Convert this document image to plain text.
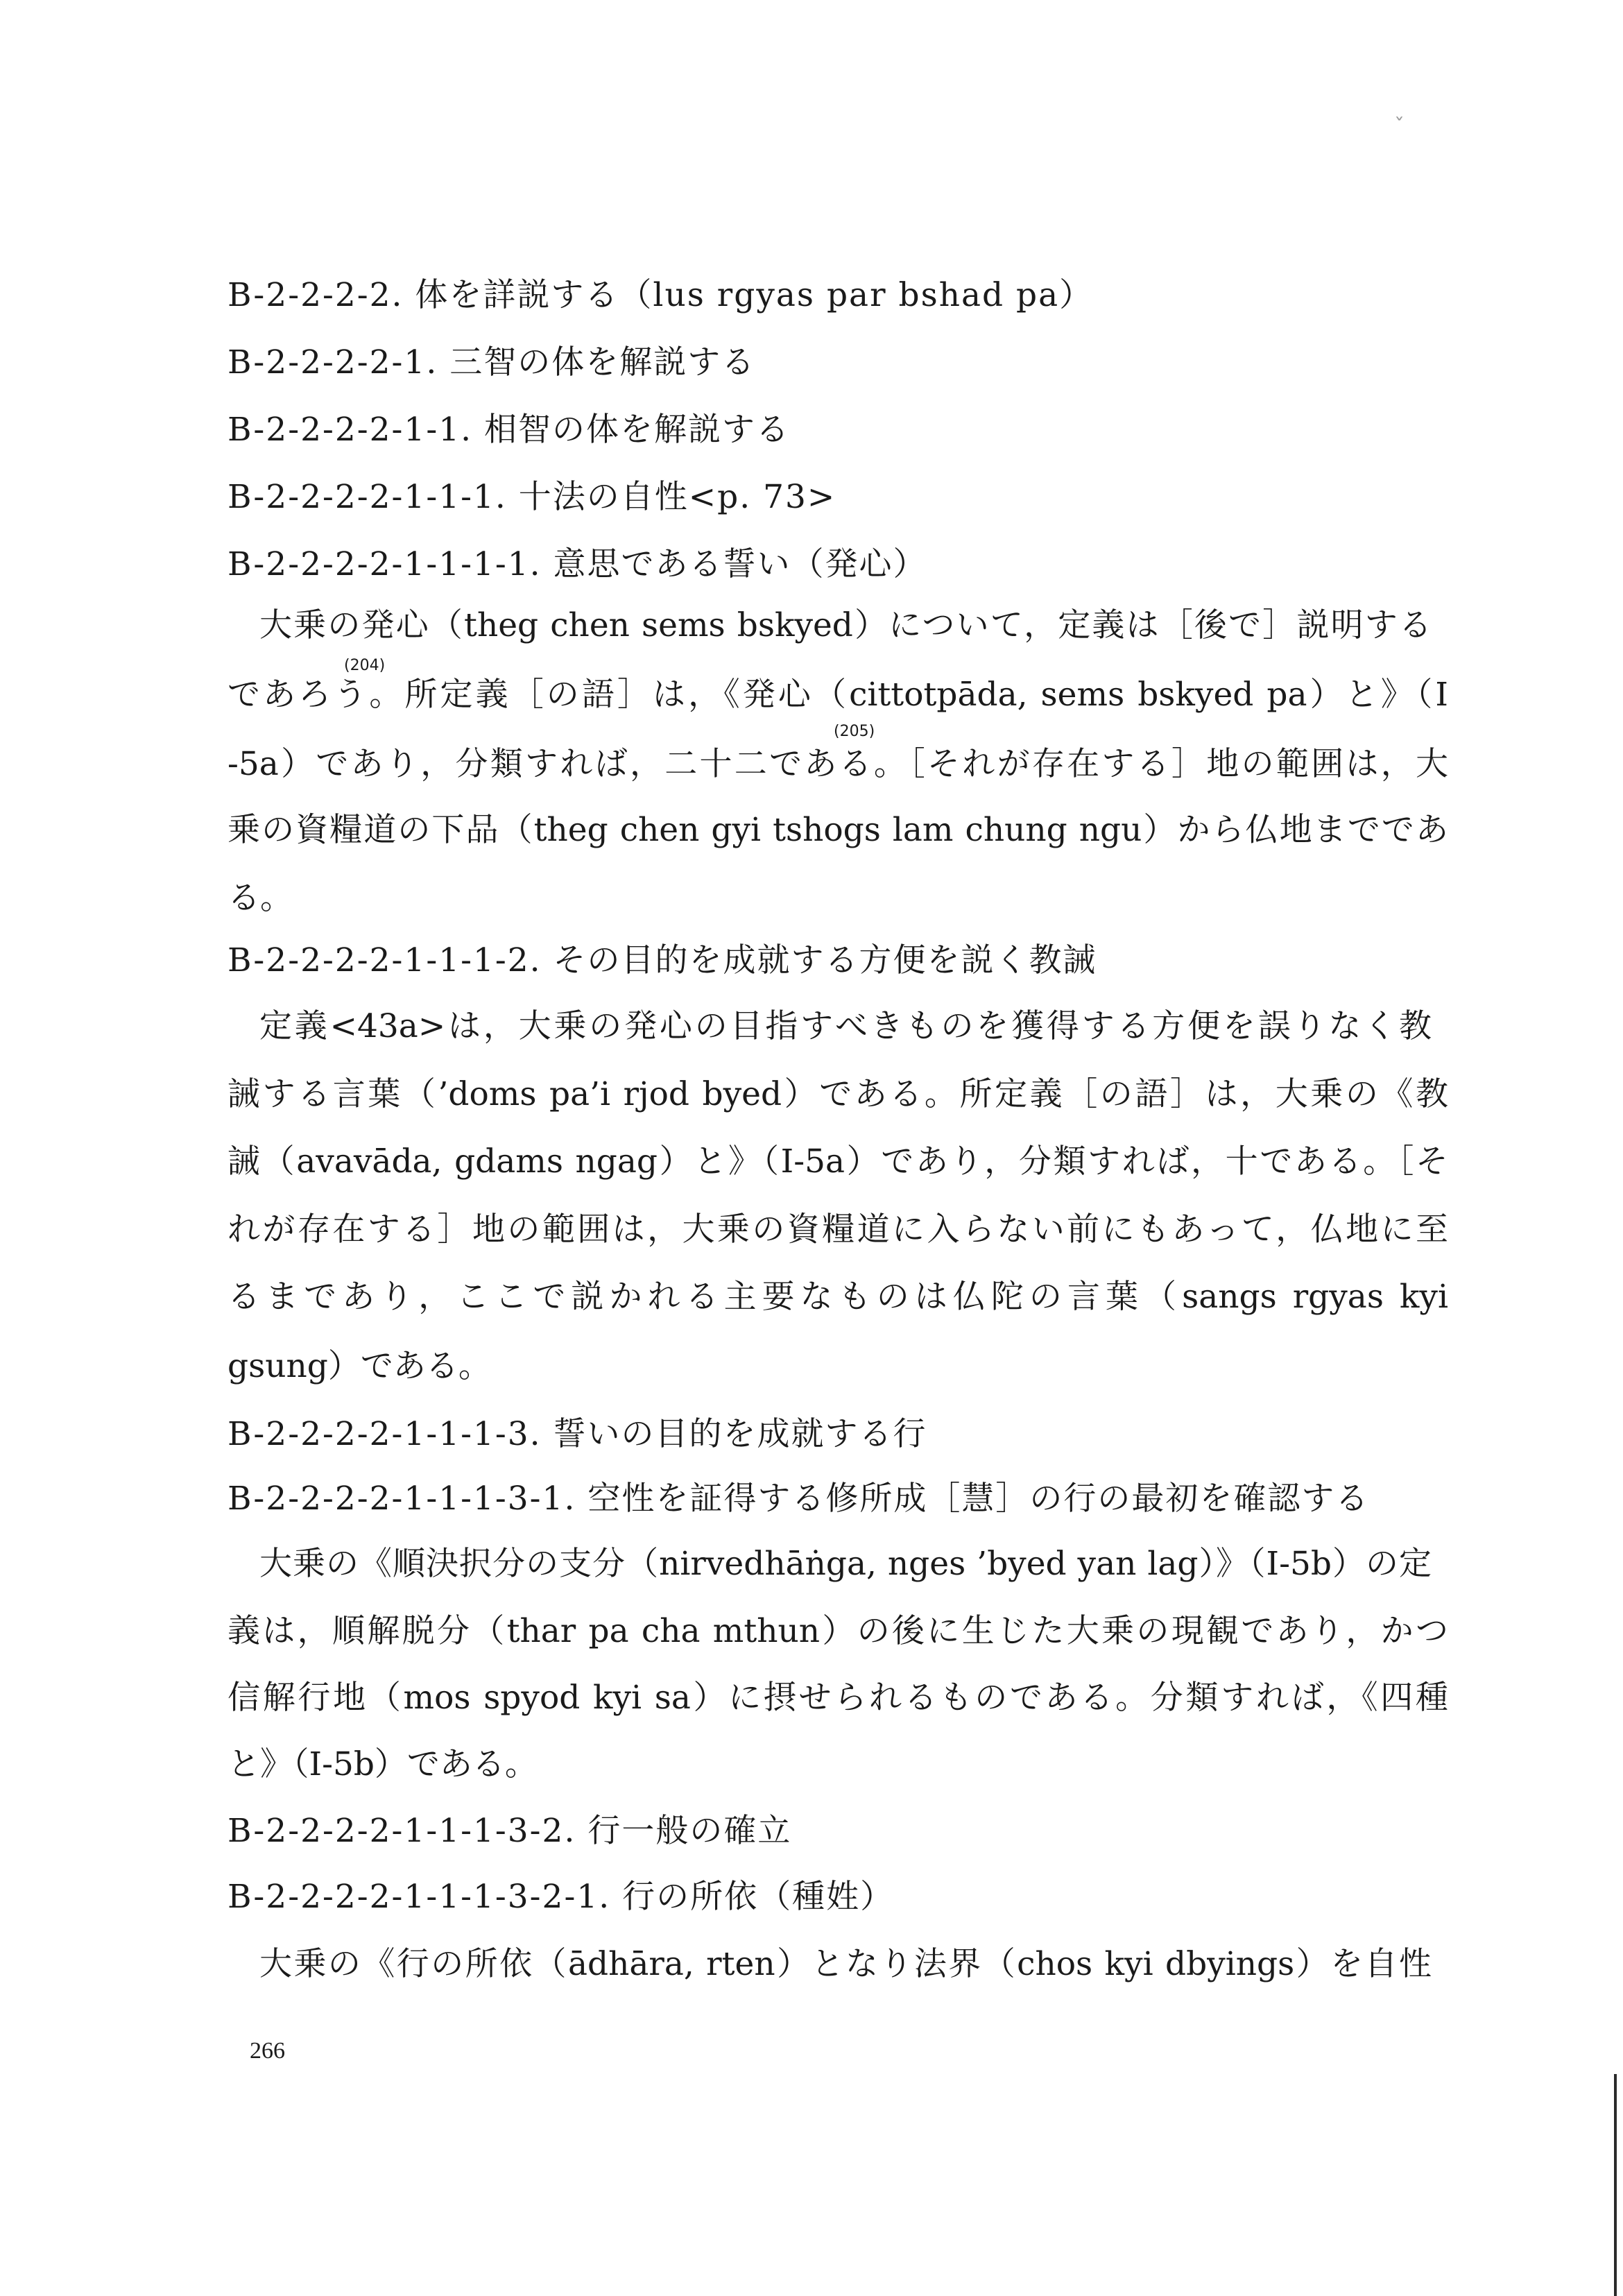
B-2-2-2-2. 体を詳説する（lus rgyas par bshad pa）
B-2-2-2-2-1. 三智の体を解説する
B-2-2-2-2-1-1. 相智の体を解説する
B-2-2-2-2-1-1-1. 十法の自性<p. 73>
B-2-2-2-2-1-1-1-1. 意思である誓い（発心）
大乗の発心（theg chen sems bskyed）について，定義は［後で］説明する
であろう。所定義［の語］は，《発心（cittotpāda, sems bskyed pa）と》（I
-5a）であり，分類すれば，二十二である。［それが存在する］地の範囲は，大
乗の資糧道の下品（theg chen gyi tshogs lam chung ngu）から仏地までであ
る。
(204)
(205)
B-2-2-2-2-1-1-1-2. その目的を成就する方便を説く教誡
定義<43a>は，大乗の発心の目指すべきものを獲得する方便を誤りなく教
誡する言葉（’doms pa’i rjod byed）である。所定義［の語］は，大乗の《教
誡（avavāda, gdams ngag）と》（I-5a）であり，分類すれば，十である。［そ
れが存在する］地の範囲は，大乗の資糧道に入らない前にもあって，仏地に至
るまであり，ここで説かれる主要なものは仏陀の言葉（sangs rgyas kyi
gsung）である。
B-2-2-2-2-1-1-1-3. 誓いの目的を成就する行
B-2-2-2-2-1-1-1-3-1. 空性を証得する修所成［慧］の行の最初を確認する
大乗の《順決択分の支分（nirvedhāṅga, nges ’byed yan lag）》（I-5b）の定
義は，順解脱分（thar pa cha mthun）の後に生じた大乗の現観であり，かつ
信解行地（mos spyod kyi sa）に摂せられるものである。分類すれば，《四種
と》（I-5b）である。
B-2-2-2-2-1-1-1-3-2. 行一般の確立
B-2-2-2-2-1-1-1-3-2-1. 行の所依（種姓）
大乗の《行の所依（ādhāra, rten）となり法界（chos kyi dbyings）を自性
266
ˇ
